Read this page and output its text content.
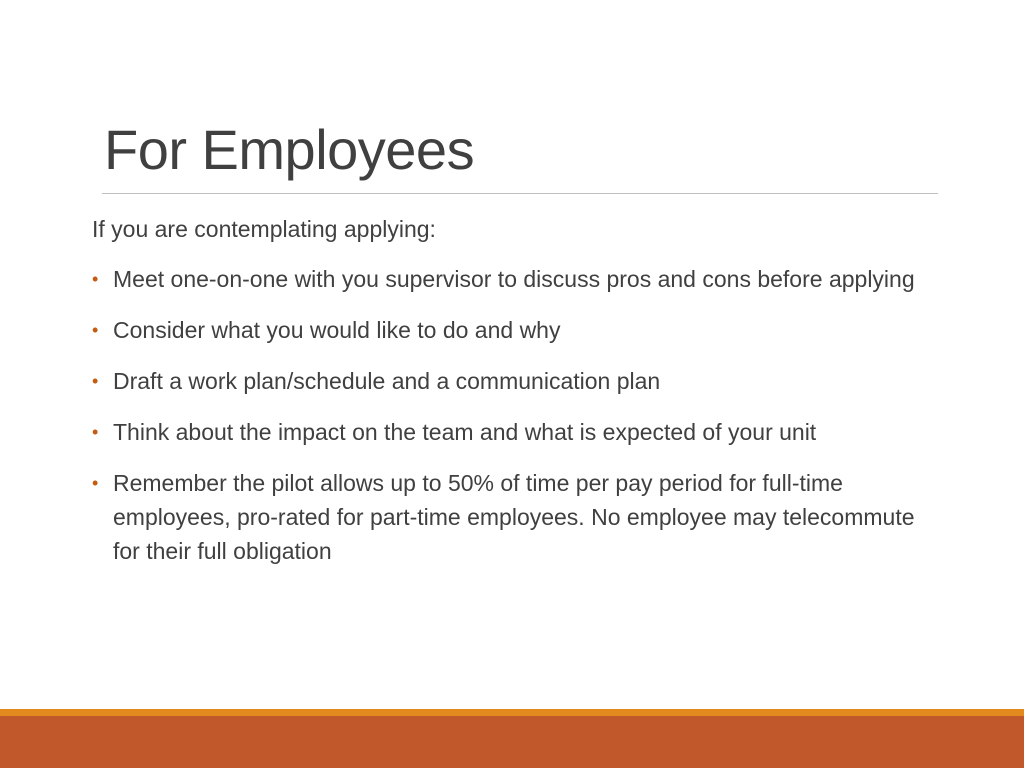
For Employees

If you are contemplating applying:

• Meet one-on-one with you supervisor to discuss pros and cons before applying
• Consider what you would like to do and why
• Draft a work plan/schedule and a communication plan
• Think about the impact on the team and what is expected of your unit
• Remember the pilot allows up to 50% of time per pay period for full-time employees, pro-rated for part-time employees. No employee may telecommute for their full obligation
